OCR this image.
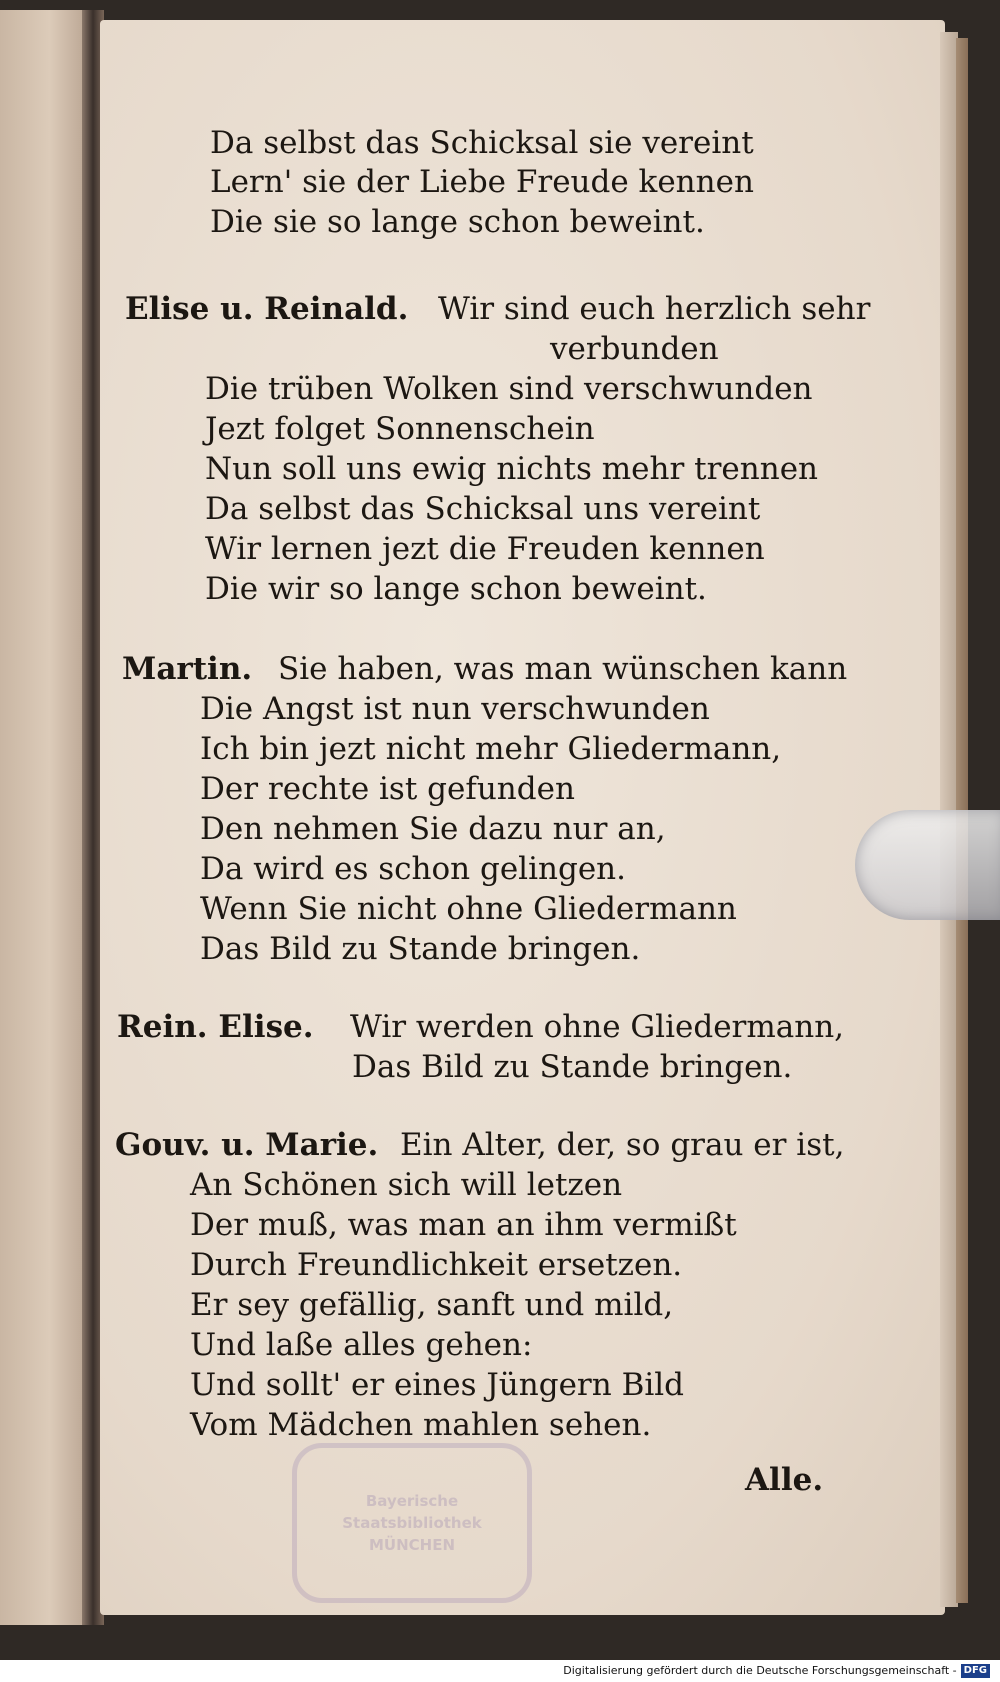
Bayerische
Staatsbibliothek
MÜNCHEN
Da selbst das Schicksal sie vereint
Lern' sie der Liebe Freude kennen
Die sie so lange schon beweint.
Elise u. Reinald. Wir sind euch herzlich sehr
verbunden
Die trüben Wolken sind verschwunden
Jezt folget Sonnenschein
Nun soll uns ewig nichts mehr trennen
Da selbst das Schicksal uns vereint
Wir lernen jezt die Freuden kennen
Die wir so lange schon beweint.
Martin. Sie haben, was man wünschen kann
Die Angst ist nun verschwunden
Ich bin jezt nicht mehr Gliedermann,
Der rechte ist gefunden
Den nehmen Sie dazu nur an,
Da wird es schon gelingen.
Wenn Sie nicht ohne Gliedermann
Das Bild zu Stande bringen.
Rein. Elise. Wir werden ohne Gliedermann,
Das Bild zu Stande bringen.
Gouv. u. Marie. Ein Alter, der, so grau er ist,
An Schönen sich will letzen
Der muß, was man an ihm vermißt
Durch Freundlichkeit ersetzen.
Er sey gefällig, sanft und mild,
Und laße alles gehen:
Und sollt' er eines Jüngern Bild
Vom Mädchen mahlen sehen.
Alle.
Digitalisierung gefördert durch die Deutsche Forschungsgemeinschaft - DFG
